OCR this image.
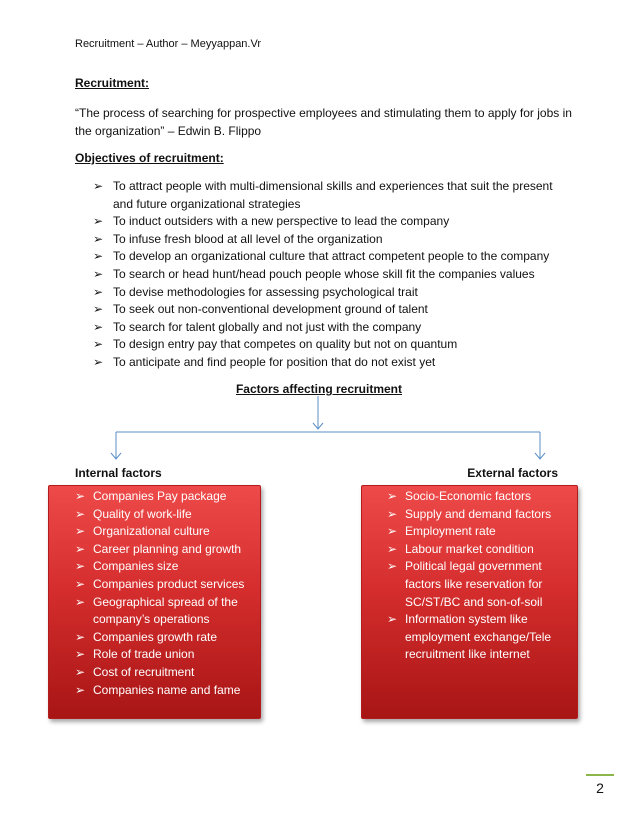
Recruitment – Author – Meyyappan.Vr
Recruitment:
“The process of searching for prospective employees and stimulating them to apply for jobs in the organization” – Edwin B. Flippo
Objectives of recruitment:
➢ To attract people with multi-dimensional skills and experiences that suit the present and future organizational strategies
➢ To induct outsiders with a new perspective to lead the company
➢ To infuse fresh blood at all level of the organization
➢ To develop an organizational culture that attract competent people to the company
➢ To search or head hunt/head pouch people whose skill fit the companies values
➢ To devise methodologies for assessing psychological trait
➢ To seek out non-conventional development ground of talent
➢ To search for talent globally and not just with the company
➢ To design entry pay that competes on quality but not on quantum
➢ To anticipate and find people for position that do not exist yet
Factors affecting recruitment
Internal factors	External factors
➢ Companies Pay package
➢ Quality of work-life
➢ Organizational culture
➢ Career planning and growth
➢ Companies size
➢ Companies product services
➢ Geographical spread of the company’s operations
➢ Companies growth rate
➢ Role of trade union
➢ Cost of recruitment
➢ Companies name and fame
➢ Socio-Economic factors
➢ Supply and demand factors
➢ Employment rate
➢ Labour market condition
➢ Political legal government factors like reservation for SC/ST/BC and son-of-soil
➢ Information system like employment exchange/Tele recruitment like internet
2
